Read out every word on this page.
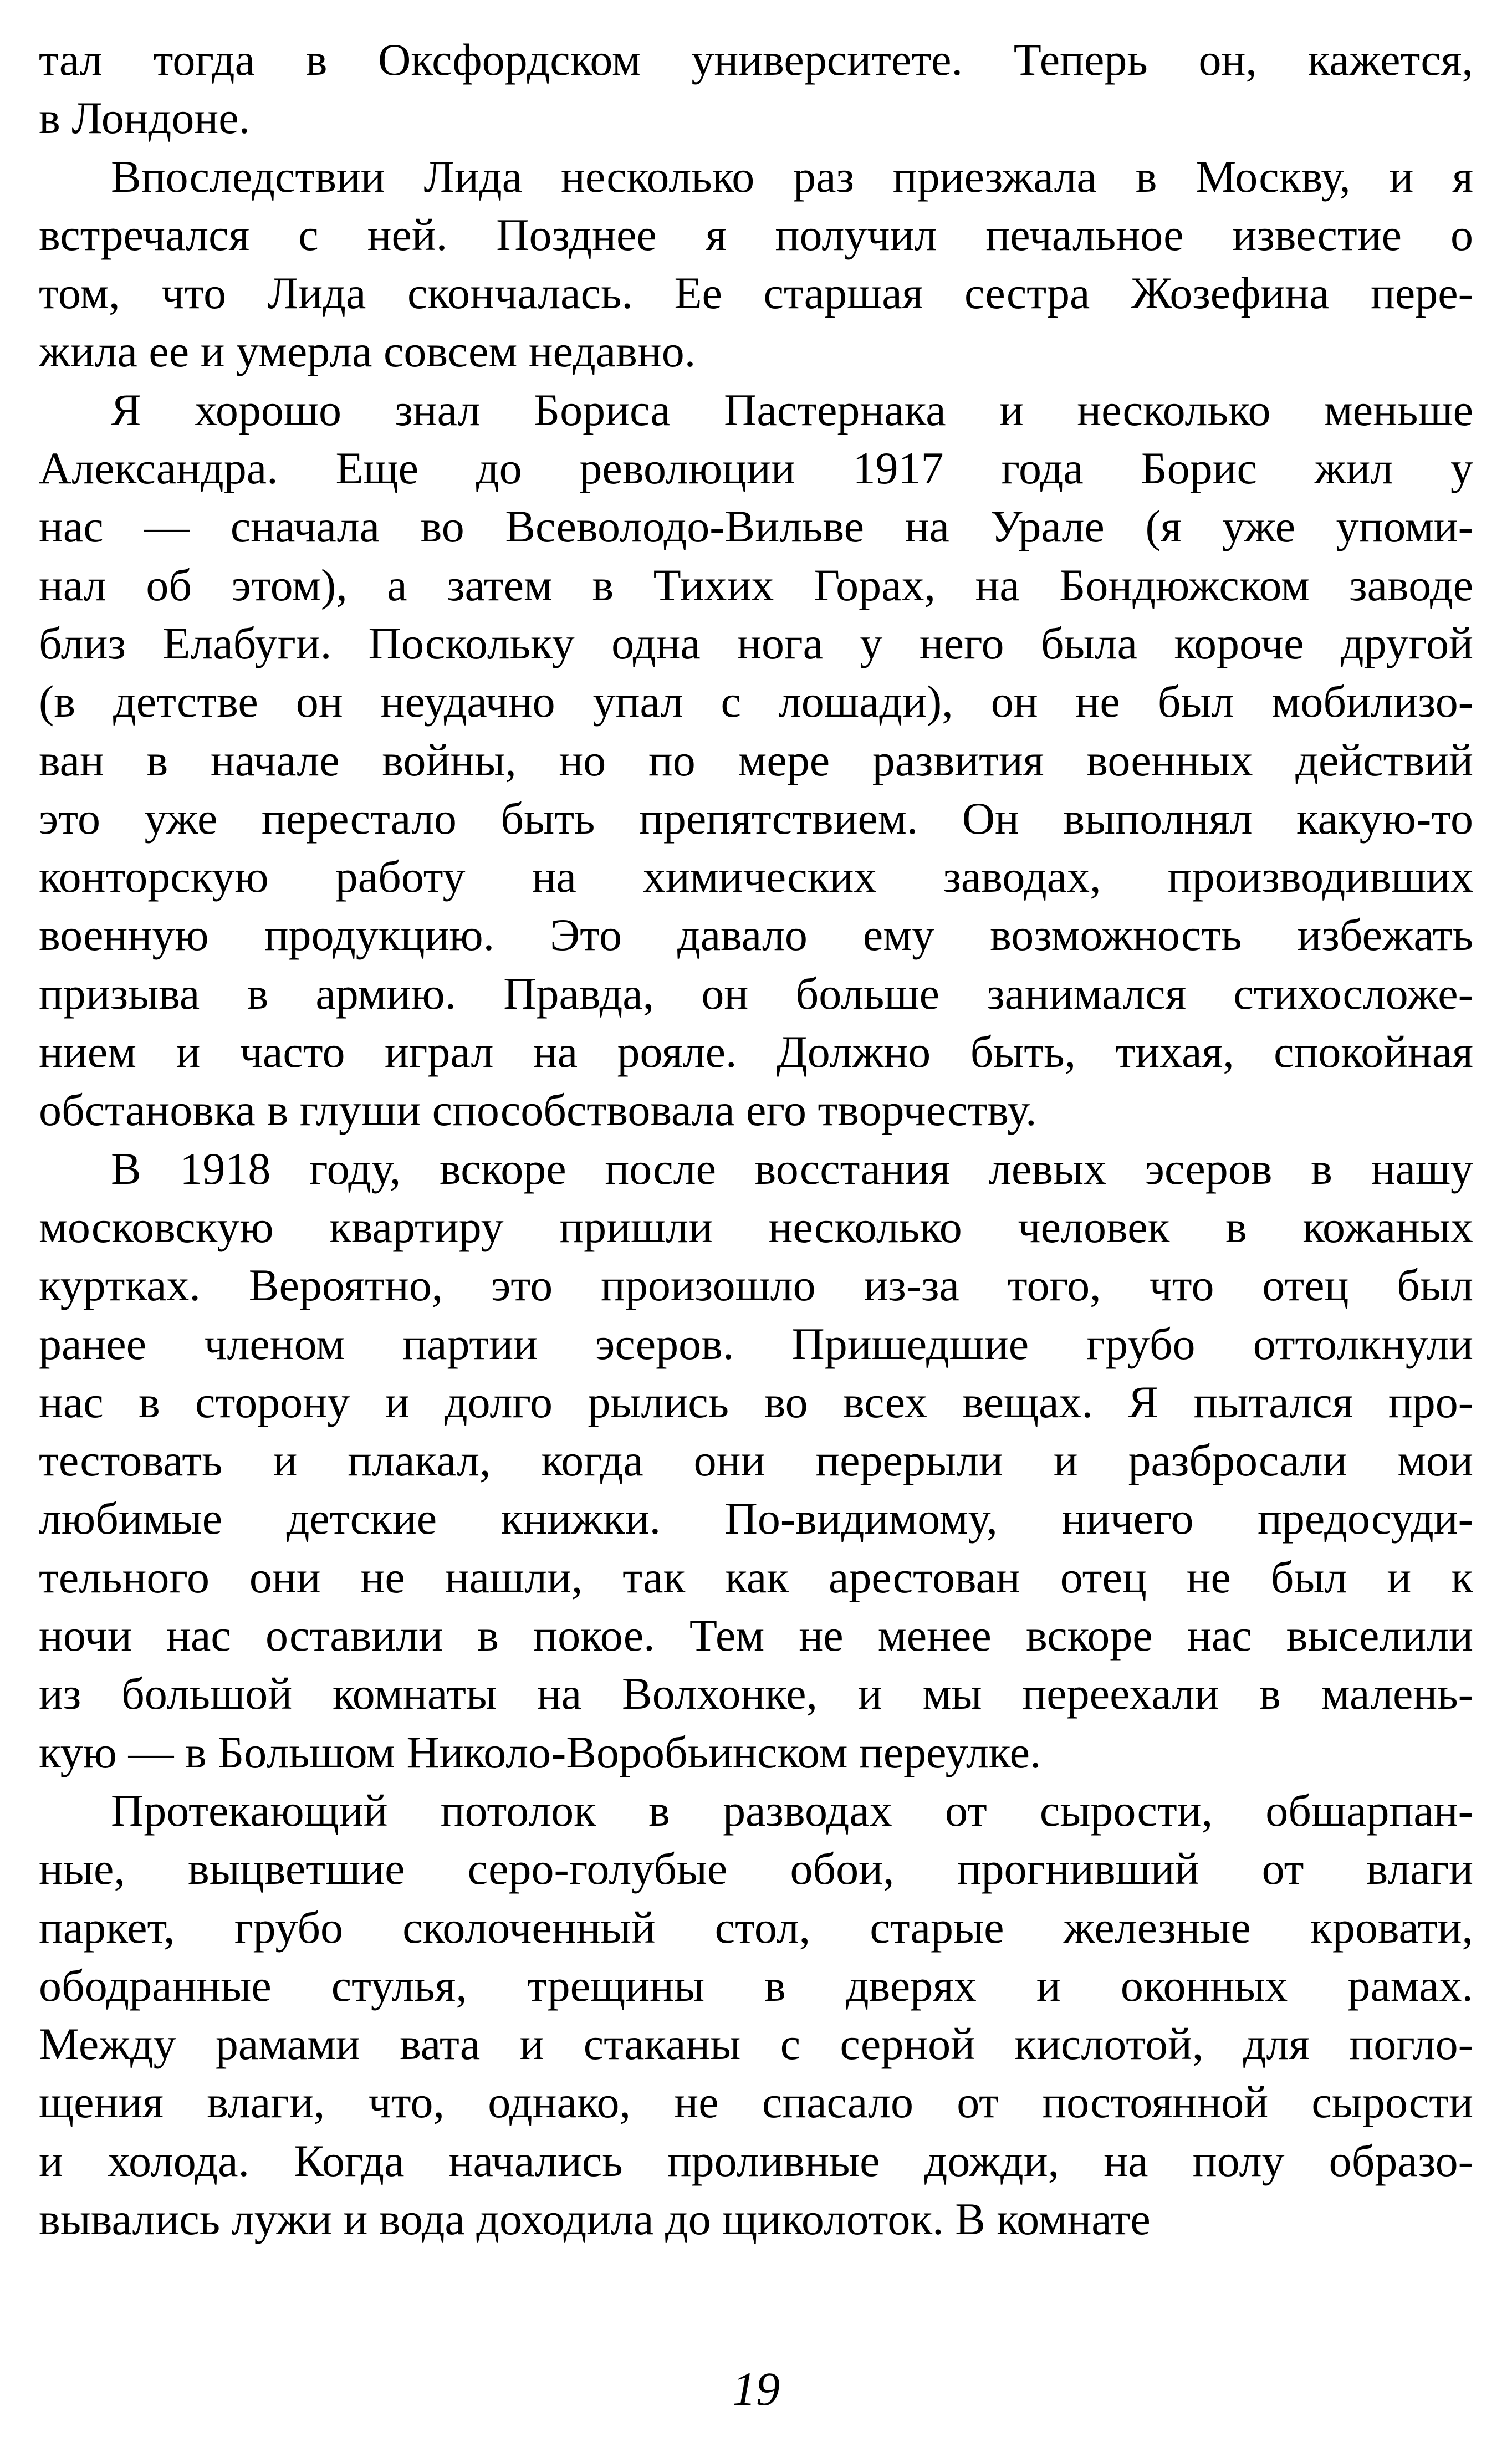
тал тогда в Оксфордском университете. Теперь он, кажется,
в Лондоне.
Впоследствии Лида несколько раз приезжала в Москву, и я
встречался с ней. Позднее я получил печальное известие о
том, что Лида скончалась. Ее старшая сестра Жозефина пере-
жила ее и умерла совсем недавно.
Я хорошо знал Бориса Пастернака и несколько меньше
Александра. Еще до революции 1917 года Борис жил у
нас — сначала во Всеволодо-Вильве на Урале (я уже упоми-
нал об этом), а затем в Тихих Горах, на Бондюжском заводе
близ Елабуги. Поскольку одна нога у него была короче другой
(в детстве он неудачно упал с лошади), он не был мобилизо-
ван в начале войны, но по мере развития военных действий
это уже перестало быть препятствием. Он выполнял какую-то
конторскую работу на химических заводах, производивших
военную продукцию. Это давало ему возможность избежать
призыва в армию. Правда, он больше занимался стихосложе-
нием и часто играл на рояле. Должно быть, тихая, спокойная
обстановка в глуши способствовала его творчеству.
В 1918 году, вскоре после восстания левых эсеров в нашу
московскую квартиру пришли несколько человек в кожаных
куртках. Вероятно, это произошло из-за того, что отец был
ранее членом партии эсеров. Пришедшие грубо оттолкнули
нас в сторону и долго рылись во всех вещах. Я пытался про-
тестовать и плакал, когда они перерыли и разбросали мои
любимые детские книжки. По-видимому, ничего предосуди-
тельного они не нашли, так как арестован отец не был и к
ночи нас оставили в покое. Тем не менее вскоре нас выселили
из большой комнаты на Волхонке, и мы переехали в малень-
кую — в Большом Николо-Воробьинском переулке.
Протекающий потолок в разводах от сырости, обшарпан-
ные, выцветшие серо-голубые обои, прогнивший от влаги
паркет, грубо сколоченный стол, старые железные кровати,
ободранные стулья, трещины в дверях и оконных рамах.
Между рамами вата и стаканы с серной кислотой, для погло-
щения влаги, что, однако, не спасало от постоянной сырости
и холода. Когда начались проливные дожди, на полу образо-
вывались лужи и вода доходила до щиколоток. В комнате
19
